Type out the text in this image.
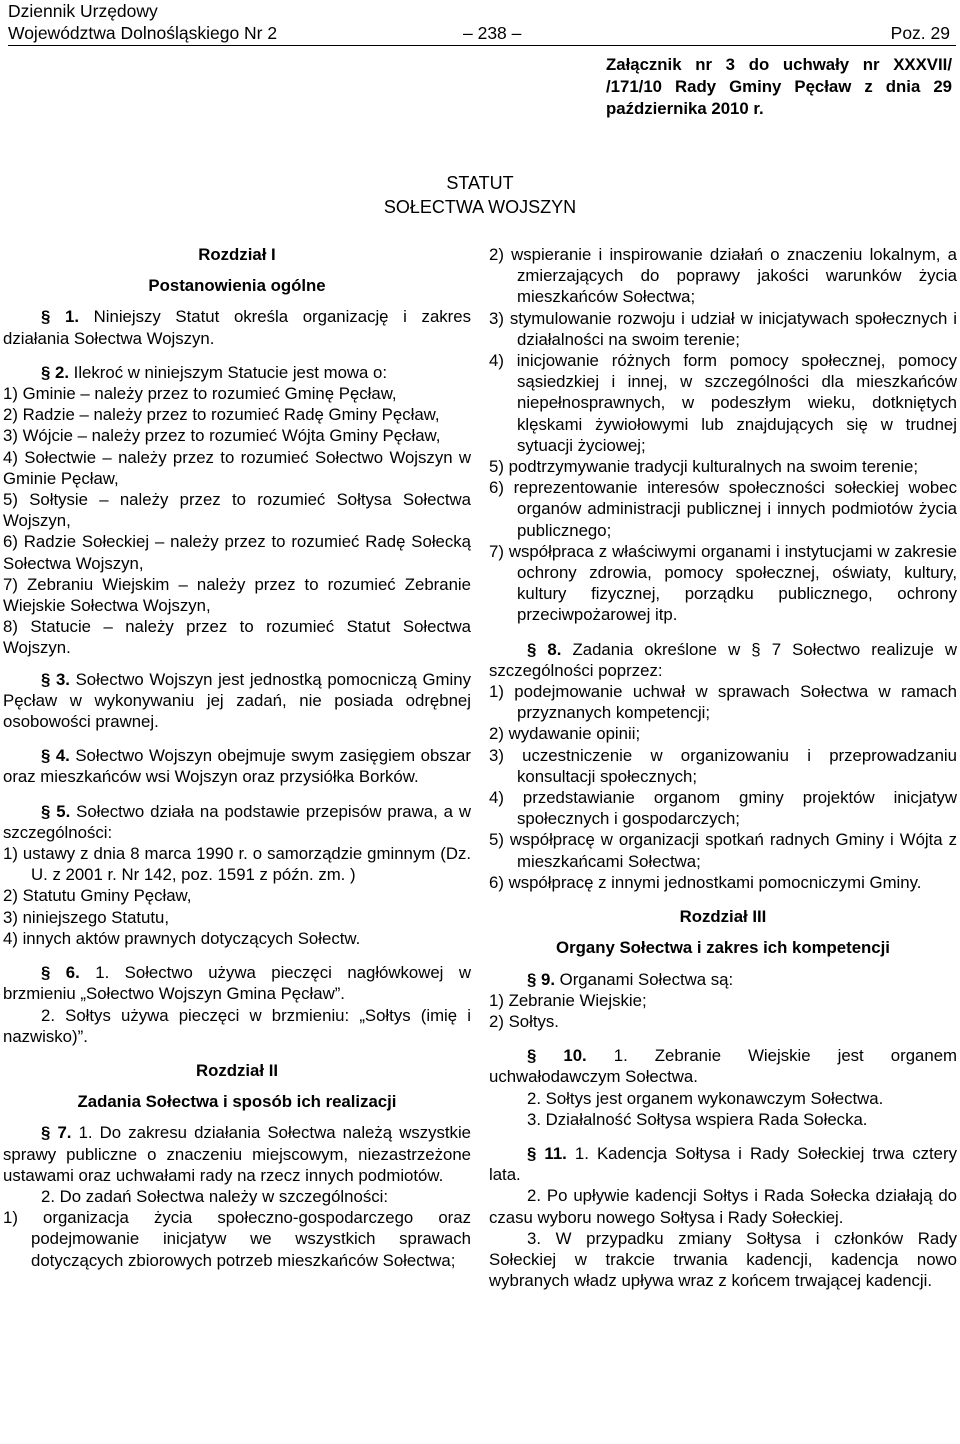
Dziennik Urzędowy
Województwa Dolnośląskiego Nr 2	– 238 –	Poz. 29
Załącznik nr 3 do uchwały nr XXXVII/ /171/10 Rady Gminy Pęcław z dnia 29 października 2010 r.
STATUT
SOŁECTWA WOJSZYN
Rozdział I
Postanowienia ogólne
§ 1. Niniejszy Statut określa organizację i zakres działania Sołectwa Wojszyn.
§ 2. Ilekroć w niniejszym Statucie jest mowa o:
1) Gminie – należy przez to rozumieć Gminę Pęcław,
2) Radzie – należy przez to rozumieć Radę Gminy Pęcław,
3) Wójcie – należy przez to rozumieć Wójta Gminy Pęcław,
4) Sołectwie – należy przez to rozumieć Sołectwo Wojszyn w Gminie Pęcław,
5) Sołtysie – należy przez to rozumieć Sołtysa Sołectwa Wojszyn,
6) Radzie Sołeckiej – należy przez to rozumieć Radę Sołecką Sołectwa Wojszyn,
7) Zebraniu Wiejskim – należy przez to rozumieć Zebranie Wiejskie Sołectwa Wojszyn,
8) Statucie – należy przez to rozumieć Statut Sołectwa Wojszyn.
§ 3. Sołectwo Wojszyn jest jednostką pomocniczą Gminy Pęcław w wykonywaniu jej zadań, nie posiada odrębnej osobowości prawnej.
§ 4. Sołectwo Wojszyn obejmuje swym zasięgiem obszar oraz mieszkańców wsi Wojszyn oraz przysiółka Borków.
§ 5. Sołectwo działa na podstawie przepisów prawa, a w szczególności:
1) ustawy z dnia 8 marca 1990 r. o samorządzie gminnym (Dz. U. z 2001 r. Nr 142, poz. 1591 z późn. zm. )
2) Statutu Gminy Pęcław,
3) niniejszego Statutu,
4) innych aktów prawnych dotyczących Sołectw.
§ 6. 1. Sołectwo używa pieczęci nagłówkowej w brzmieniu „Sołectwo Wojszyn Gmina Pęcław”.
2. Sołtys używa pieczęci w brzmieniu: „Sołtys (imię i nazwisko)”.
Rozdział II
Zadania Sołectwa i sposób ich realizacji
§ 7. 1. Do zakresu działania Sołectwa należą wszystkie sprawy publiczne o znaczeniu miejscowym, niezastrzeżone ustawami oraz uchwałami rady na rzecz innych podmiotów.
2. Do zadań Sołectwa należy w szczególności:
1) organizacja życia społeczno-gospodarczego oraz podejmowanie inicjatyw we wszystkich sprawach dotyczących zbiorowych potrzeb mieszkańców Sołectwa;
2) wspieranie i inspirowanie działań o znaczeniu lokalnym, a zmierzających do poprawy jakości warunków życia mieszkańców Sołectwa;
3) stymulowanie rozwoju i udział w inicjatywach społecznych i działalności na swoim terenie;
4) inicjowanie różnych form pomocy społecznej, pomocy sąsiedzkiej i innej, w szczególności dla mieszkańców niepełnosprawnych, w podeszłym wieku, dotkniętych klęskami żywiołowymi lub znajdujących się w trudnej sytuacji życiowej;
5) podtrzymywanie tradycji kulturalnych na swoim terenie;
6) reprezentowanie interesów społeczności sołeckiej wobec organów administracji publicznej i innych podmiotów życia publicznego;
7) współpraca z właściwymi organami i instytucjami w zakresie ochrony zdrowia, pomocy społecznej, oświaty, kultury, kultury fizycznej, porządku publicznego, ochrony przeciwpożarowej itp.
§ 8. Zadania określone w § 7 Sołectwo realizuje w szczególności poprzez:
1) podejmowanie uchwał w sprawach Sołectwa w ramach przyznanych kompetencji;
2) wydawanie opinii;
3) uczestniczenie w organizowaniu i przeprowadzaniu konsultacji społecznych;
4) przedstawianie organom gminy projektów inicjatyw społecznych i gospodarczych;
5) współpracę w organizacji spotkań radnych Gminy i Wójta z mieszkańcami Sołectwa;
6) współpracę z innymi jednostkami pomocniczymi Gminy.
Rozdział III
Organy Sołectwa i zakres ich kompetencji
§ 9. Organami Sołectwa są:
1) Zebranie Wiejskie;
2) Sołtys.
§ 10. 1. Zebranie Wiejskie jest organem uchwałodawczym Sołectwa.
2. Sołtys jest organem wykonawczym Sołectwa.
3. Działalność Sołtysa wspiera Rada Sołecka.
§ 11. 1. Kadencja Sołtysa i Rady Sołeckiej trwa cztery lata.
2. Po upływie kadencji Sołtys i Rada Sołecka działają do czasu wyboru nowego Sołtysa i Rady Sołeckiej.
3. W przypadku zmiany Sołtysa i członków Rady Sołeckiej w trakcie trwania kadencji, kadencja nowo wybranych władz upływa wraz z końcem trwającej kadencji.
